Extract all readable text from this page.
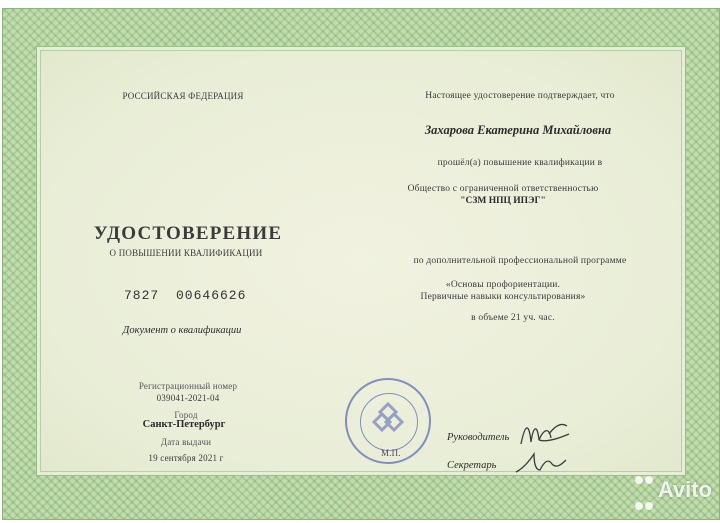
РОССИЙСКАЯ ФЕДЕРАЦИЯ
УДОСТОВЕРЕНИЕ
О ПОВЫШЕНИИ КВАЛИФИКАЦИИ
7827 00646626
Документ о квалификации
Регистрационный номер
039041-2021-04
Город
Санкт-Петербург
Дата выдачи
19 сентября 2021 г
Настоящее удостоверение подтверждает, что
Захарова Екатерина Михайловна
прошёл(а) повышение квалификации в
Общество с ограниченной ответственностью
"СЗМ НПЦ ИПЭГ"
по дополнительной профессиональной программе
«Основы профориентации.
Первичные навыки консультирования»
в объеме 21 уч. час.
М.П.
Руководитель
Секретарь

Avito
